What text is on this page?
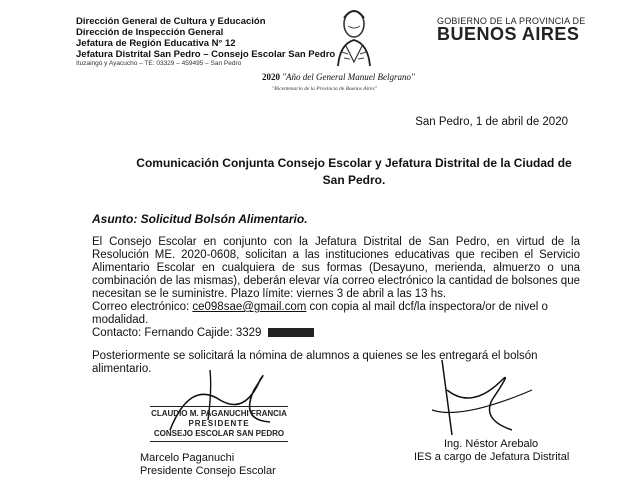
Dirección General de Cultura y Educación
Dirección de Inspección General
Jefatura de Región Educativa N° 12
Jefatura Distrital San Pedro – Consejo Escolar San Pedro
Ituzaingó y Ayacucho – TE: 03329 – 459495 – San Pedro
GOBIERNO DE LA PROVINCIA DE
BUENOS AIRES
2020 "Año del General Manuel Belgrano"
"Bicentenario de la Provincia de Buenos Aires"
San Pedro, 1 de abril de 2020
Comunicación Conjunta Consejo Escolar y Jefatura Distrital de la Ciudad de San Pedro.
Asunto: Solicitud Bolsón Alimentario.

El Consejo Escolar en conjunto con la Jefatura Distrital de San Pedro, en virtud de la Resolución ME. 2020-0608, solicitan a las instituciones educativas que reciben el Servicio Alimentario Escolar en cualquiera de sus formas (Desayuno, merienda, almuerzo o una combinación de las mismas), deberán elevar vía correo electrónico la cantidad de bolsones que necesitan se le suministre. Plazo límite: viernes 3 de abril a las 13 hs.

Correo electrónico: ce098sae@gmail.com con copia al mail dcf/la inspectora/or de nivel o modalidad.

Contacto: Fernando Cajide: 3329

Posteriormente se solicitará la nómina de alumnos a quienes se les entregará el bolsón alimentario.

CLAUDIO M. PAGANUCHI FRANCIA
PRESIDENTE
CONSEJO ESCOLAR SAN PEDRO
Marcelo Paganuchi
Presidente Consejo Escolar
Ing. Néstor Arebalo
IES a cargo de Jefatura Distrital
